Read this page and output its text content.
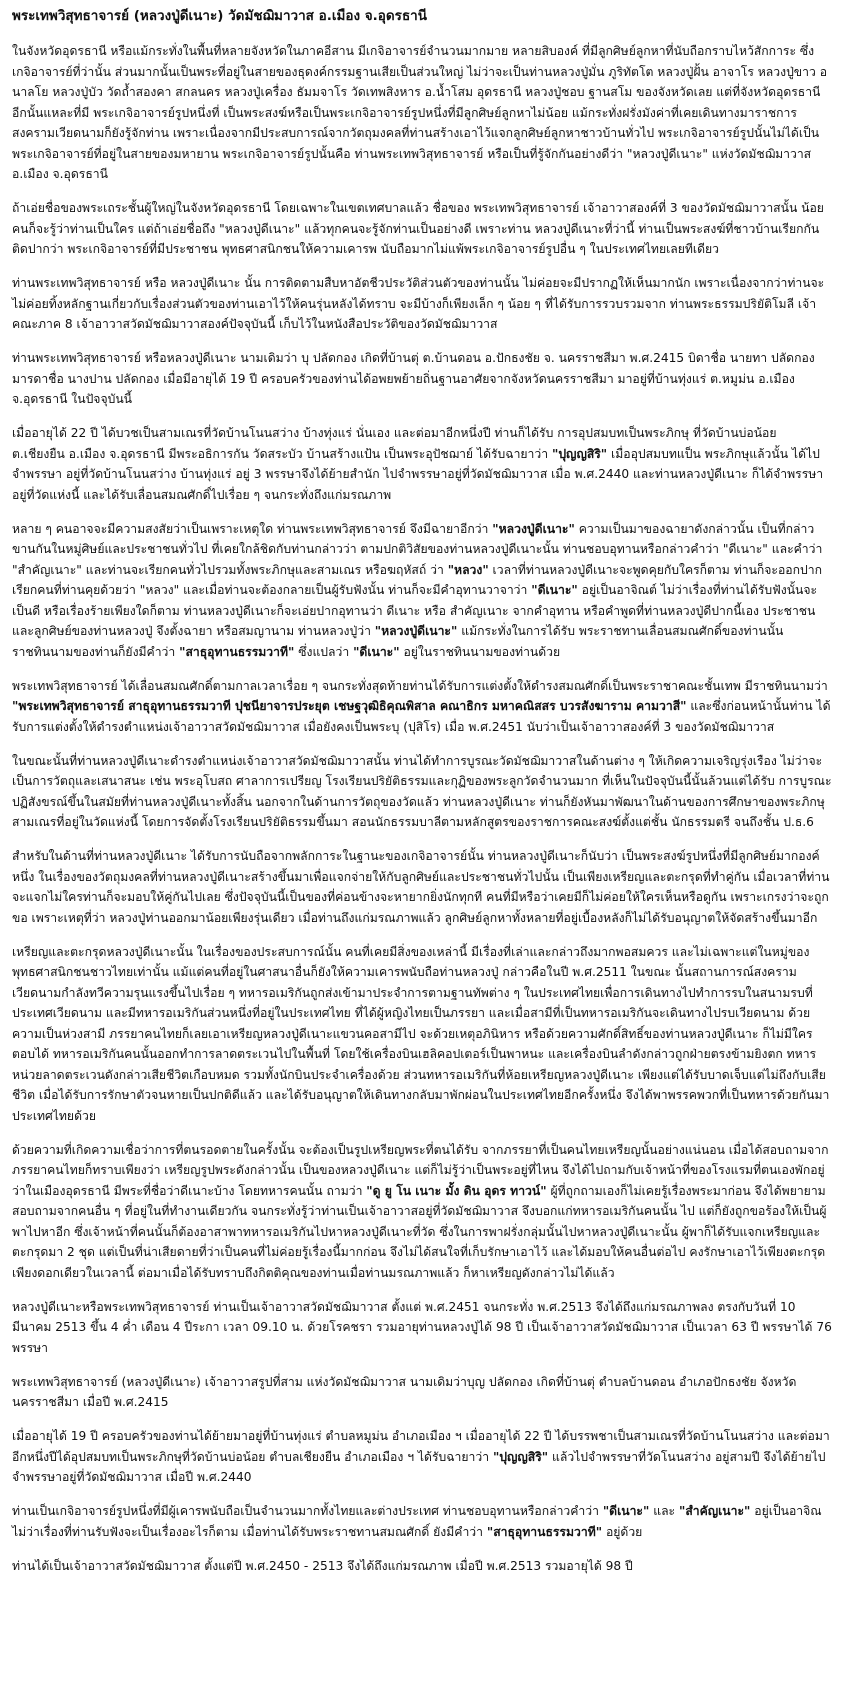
พระเทพวิสุทธาจารย์ (หลวงปู่ดีเนาะ) วัดมัชฌิมาวาส อ.เมือง จ.อุดรธานี

ในจังหวัดอุดรธานี หรือแม้กระทั่งในพื้นที่หลายจังหวัดในภาคอีสาน มีเกจิอาจารย์จำนวนมากมาย หลายสิบองค์ ที่มีลูกศิษย์ลูกหาที่นับถือกราบไหว้สักการะ ซึ่งเกจิอาจารย์ที่ว่านั้น ส่วนมากนั้นเป็นพระที่อยู่ในสายของธุดงค์กรรมฐานเสียเป็นส่วนใหญ่ ไม่ว่าจะเป็นท่านหลวงปู่มั่น ภูริทัตโต หลวงปู่ฝั้น อาจาโร หลวงปู่ขาว อนาลโย หลวงปู่บัว วัดถ้ำสองคา สกลนคร หลวงปู่เครื่อง ธัมมจาโร วัดเทพสิงหาร อ.น้ำโสม อุดรธานี หลวงปู่ชอบ ฐานสโม ของจังหวัดเลย แต่ที่จังหวัดอุดรธานีอีกนั้นแหละที่มี พระเกจิอาจารย์รูปหนึ่งที่ เป็นพระสงฆ์หรือเป็นพระเกจิอาจารย์รูปหนึ่งที่มีลูกศิษย์ลูกหาไม่น้อย แม้กระทั่งฝรั่งมังค่าที่เคยเดินทางมาราชการสงครามเวียดนามก็ยังรู้จักท่าน เพราะเนื่องจากมีประสบการณ์จากวัตถุมงคลที่ท่านสร้างเอาไว้แจกลูกศิษย์ลูกหาชาวบ้านทั่วไป พระเกจิอาจารย์รูปนั้นไม่ได้เป็นพระเกจิอาจารย์ที่อยู่ในสายของมหายาน พระเกจิอาจารย์รูปนั้นคือ ท่านพระเทพวิสุทธาจารย์ หรือเป็นที่รู้จักกันอย่างดีว่า "หลวงปู่ดีเนาะ" แห่งวัดมัชฌิมาวาส อ.เมือง จ.อุดรธานี

ถ้าเอ่ยชื่อของพระเถระชั้นผู้ใหญ่ในจังหวัดอุดรธานี โดยเฉพาะในเขตเทศบาลแล้ว ชื่อของ พระเทพวิสุทธาจารย์ เจ้าอาวาสองค์ที่ 3 ของวัดมัชฌิมาวาสนั้น น้อยคนก็จะรู้ว่าท่านเป็นใคร แต่ถ้าเอ่ยชื่อถึง "หลวงปู่ดีเนาะ" แล้วทุกคนจะรู้จักท่านเป็นอย่างดี เพราะท่าน หลวงปู่ดีเนาะที่ว่านี้ ท่านเป็นพระสงฆ์ที่ชาวบ้านเรียกกันติดปากว่า พระเกจิอาจารย์ที่มีประชาชน พุทธศาสนิกชนให้ความเคารพ นับถือมากไม่แพ้พระเกจิอาจารย์รูปอื่น ๆ ในประเทศไทยเลยทีเดียว

ท่านพระเทพวิสุทธาจารย์ หรือ หลวงปู่ดีเนาะ นั้น การติดตามสืบหาอัตชีวประวัติส่วนตัวของท่านนั้น ไม่ค่อยจะมีปรากฏให้เห็นมากนัก เพราะเนื่องจากว่าท่านจะไม่ค่อยทิ้งหลักฐานเกี่ยวกับเรื่องส่วนตัวของท่านเอาไว้ให้คนรุ่นหลังได้ทราบ จะมีบ้างก็เพียงเล็ก ๆ น้อย ๆ ที่ได้รับการรวบรวมจาก ท่านพระธรรมปริยัติโมลี เจ้าคณะภาค 8 เจ้าอาวาสวัดมัชฌิมาวาสองค์ปัจจุบันนี้ เก็บไว้ในหนังสือประวัติของวัดมัชฌิมาวาส

ท่านพระเทพวิสุทธาจารย์ หรือหลวงปู่ดีเนาะ นามเดิมว่า บุ ปลัดกอง เกิดที่บ้านตุ่ ต.บ้านดอน อ.ปักธงชัย จ. นครราชสีมา พ.ศ.2415 บิดาชื่อ นายทา ปลัดกอง มารดาชื่อ นางปาน ปลัดกอง เมื่อมีอายุได้ 19 ปี ครอบครัวของท่านได้อพยพย้ายถิ่นฐานอาศัยจากจังหวัดนครราชสีมา มาอยู่ที่บ้านทุ่งแร่ ต.หมูม่น อ.เมือง จ.อุดรธานี ในปัจจุบันนี้

เมื่ออายุได้ 22 ปี ได้บวชเป็นสามเณรที่วัดบ้านโนนสว่าง บ้างทุ่งแร่ นั่นเอง และต่อมาอีกหนึ่งปี ท่านก็ได้รับ การอุปสมบทเป็นพระภิกษุ ที่วัดบ้านบ่อน้อย ต.เชียงยืน อ.เมือง จ.อุดรธานี มีพระอธิการกัน วัดสระบัว บ้านสร้างแป้น เป็นพระอุปัชฌาย์ ได้รับฉายาว่า "ปุญญสิริ" เมื่ออุปสมบทแป็น พระภิกษุแล้วนั้น ได้ไปจำพรรษา อยู่ที่วัดบ้านโนนสว่าง บ้านทุ่งแร่ อยู่ 3 พรรษาจึงได้ย้ายสำนัก ไปจำพรรษาอยู่ที่วัดมัชฌิมาวาส เมื่อ พ.ศ.2440 และท่านหลวงปู่ดีเนาะ ก็ได้จำพรรษาอยู่ที่วัดแห่งนี้ และได้รับเลื่อนสมณศักดิ์ไปเรื่อย ๆ จนกระทั่งถึงแก่มรณภาพ

หลาย ๆ คนอาจจะมีความสงสัยว่าเป็นเพราะเหตุใด ท่านพระเทพวิสุทธาจารย์ จึงมีฉายาอีกว่า "หลวงปู่ดีเนาะ" ความเป็นมาของฉายาดังกล่าวนั้น เป็นที่กล่าวขานกันในหมู่ศิษย์และประชาชนทั่วไป ที่เคยใกล้ชิดกับท่านกล่าวว่า ตามปกติวิสัยของท่านหลวงปู่ดีเนาะนั้น ท่านชอบอุทานหรือกล่าวคำว่า "ดีเนาะ" และคำว่า "สำคัญเนาะ" และท่านจะเรียกคนทั่วไปรวมทั้งพระภิกษุและสามเณร หรือฆฤหัสถ์ ว่า "หลวง" เวลาที่ท่านหลวงปู่ดีเนาะจะพูดคุยกับใครก็ตาม ท่านก็จะออกปากเรียกคนที่ท่านคุยด้วยว่า "หลวง" และเมื่อท่านจะต้องกลายเป็นผู้รับฟังนั้น ท่านก็จะมีคำอุทานวาจาว่า "ดีเนาะ" อยู่เป็นอาจิณต์ ไม่ว่าเรื่องที่ท่านได้รับฟังนั้นจะเป็นดี หรือเรื่องร้ายเพียงใดก็ตาม ท่านหลวงปู่ดีเนาะก็จะเอ่ยปากอุทานว่า ดีเนาะ หรือ สำคัญเนาะ จากคำอุทาน หรือคำพูดที่ท่านหลวงปู่ดีปากนี้เอง ประชาชนและลูกศิษย์ของท่านหลวงปู่ จึงตั้งฉายา หรือสมญานาม ท่านหลวงปู่ว่า "หลวงปู่ดีเนาะ" แม้กระทั่งในการได้รับ พระราชทานเลื่อนสมณศักดิ์ของท่านนั้น ราชทินนามของท่านก็ยังมีคำว่า "สาธุอุทานธรรมวาที" ซึ่งแปลว่า "ดีเนาะ" อยู่ในราชทินนามของท่านด้วย

พระเทพวิสุทธาจารย์ ได้เลื่อนสมณศักดิ์ตามกาลเวลาเรื่อย ๆ จนกระทั่งสุดท้ายท่านได้รับการแต่งตั้งให้ดำรงสมณศักดิ์เป็นพระราชาคณะชั้นเทพ มีราชทินนามว่า "พระเทพวิสุทธาจารย์ สาธุอุทานธรรมวาที ปุชนียาจารประยุต เชษฐวุฒิธิคุณพิสาล คณาธิกร มหาคณิสสร บวรสังฆาราม คามวาสี" และซึ่งก่อนหน้านั้นท่าน ได้รับการแต่งตั้งให้ดำรงตำแหน่งเจ้าอาวาสวัดมัชฌิมาวาส เมื่อยังคงเป็นพระบุ (ปุสิโร) เมื่อ พ.ศ.2451 นับว่าเป็นเจ้าอาวาสองค์ที่ 3 ของวัดมัชฌิมาวาส

ในขณะนั้นที่ท่านหลวงปู่ดีเนาะดำรงตำแหน่งเจ้าอาวาสวัดมัชฌิมาวาสนั้น ท่านได้ทำการบูรณะวัดมัชฌิมาวาสในด้านต่าง ๆ ให้เกิดความเจริญรุ่งเรือง ไม่ว่าจะเป็นการวัตถุและเสนาสนะ เช่น พระอุโบสถ ศาลาการเปรียญ โรงเรียนปริยัติธรรมและกุฏิของพระลูกวัดจำนวนมาก ที่เห็นในปัจจุบันนี้นั้นล้วนแต่ได้รับ การบูรณะปฏิสังขรณ์ขึ้นในสมัยที่ท่านหลวงปู่ดีเนาะทั้งสิ้น นอกจากในด้านการวัตถุของวัดแล้ว ท่านหลวงปู่ดีเนาะ ท่านก็ยังหันมาพัฒนาในด้านของการศึกษาของพระภิกษุสามเณรที่อยู่ในวัดแห่งนี้ โดยการจัดตั้งโรงเรียนปริยัติธรรมขึ้นมา สอนนักธรรมบาลีตามหลักสูตรของราชการคณะสงฆ์ตั้งแต่ชั้น นักธรรมตรี จนถึงชั้น ป.ธ.6

สำหรับในด้านที่ท่านหลวงปู่ดีเนาะ ได้รับการนับถือจากพลักการะในฐานะของเกจิอาจารย์นั้น ท่านหลวงปู่ดีเนาะก็นับว่า เป็นพระสงฆ์รูปหนึ่งที่มีลูกศิษย์มากองค์หนึ่ง ในเรื่องของวัตถุมงคลที่ท่านหลวงปู่ดีเนาะสร้างขึ้นมาเพื่อแจกจ่ายให้กับลูกศิษย์และประชาชนทั่วไปนั้น เป็นเพียงเหรียญและตะกรุดที่ทำคู่กัน เมื่อเวลาที่ท่านจะแจกไม่ใครท่านก็จะมอบให้คู่กันไปเลย ซึ่งปัจจุบันนี้เป็นของที่ค่อนข้างจะหายากยิ่งนักทุกที คนที่มีหรือว่าเคยมีก็ไม่ค่อยให้ใครเห็นหรือดูกัน เพราะเกรงว่าจะถูกขอ เพราะเหตุที่ว่า หลวงปู่ท่านออกมาน้อยเพียงรุ่นเดียว เมื่อท่านถึงแก่มรณภาพแล้ว ลูกศิษย์ลูกหาทั้งหลายที่อยู่เบื้องหลังก็ไม่ได้รับอนุญาตให้จัดสร้างขึ้นมาอีก

เหรียญและตะกรุดหลวงปู่ดีเนาะนั้น ในเรื่องของประสบการณ์นั้น คนที่เคยมีสิ่งของเหล่านี้ มีเรื่องที่เล่าและกล่าวถึงมากพอสมควร และไม่เฉพาะแต่ในหมู่ของพุทธศาสนิกชนชาวไทยเท่านั้น แม้แต่คนที่อยู่ในศาสนาอื่นก็ยังให้ความเคารพนับถือท่านหลวงปู่ กล่าวคือในปี พ.ศ.2511 ในขณะ นั้นสถานการณ์สงครามเวียดนามกำลังทวีความรุนแรงขึ้นไปเรื่อย ๆ ทหารอเมริกันถูกส่งเข้ามาประจำการตามฐานทัพต่าง ๆ ในประเทศไทยเพื่อการเดินทางไปทำการรบในสนามรบที่ประเทศเวียดนาม และมีทหารอเมริกันส่วนหนึ่งที่อยู่ในประเทศไทย ที่ได้ผู้หญิงไทยเป็นภรรยา และเมื่อสามีที่เป็นทหารอเมริกันจะเดินทางไปรบเวียดนาม ด้วยความเป็นห่วงสามี ภรรยาคนไทยก็เลยเอาเหรียญหลวงปู่ดีเนาะแขวนคอสามีไป จะด้วยเหตุอภินิหาร หรือด้วยความศักดิ์สิทธิ์ของท่านหลวงปู่ดีเนาะ ก็ไม่มีใครตอบได้ ทหารอเมริกันคนนั้นออกทำการลาดตระเวนไปในพื้นที่ โดยใช้เครื่องบินเฮลิคอปเตอร์เป็นพาหนะ และเครื่องบินลำดังกล่าวถูกฝ่ายตรงข้ามยิงตก ทหารหน่วยลาดตระเวนดังกล่าวเสียชีวิตเกือบหมด รวมทั้งนักบินประจำเครื่องด้วย ส่วนทหารอเมริกันที่ห้อยเหรียญหลวงปู่ดีเนาะ เพียงแต่ได้รับบาดเจ็บแต่ไม่ถึงกับเสียชีวิต เมื่อได้รับการรักษาตัวจนหายเป็นปกติดีแล้ว และได้รับอนุญาตให้เดินทางกลับมาพักผ่อนในประเทศไทยอีกครั้งหนึ่ง จึงได้พาพรรคพวกที่เป็นทหารด้วยกันมาประเทศไทยด้วย

ด้วยความที่เกิดความเชื่อว่าการที่ตนรอดตายในครั้งนั้น จะต้องเป็นรูปเหรียญพระที่ตนได้รับ จากภรรยาที่เป็นคนไทยเหรียญนั้นอย่างแน่นอน เมื่อได้สอบถามจากภรรยาคนไทยก็ทราบเพียงว่า เหรียญรูปพระดังกล่าวนั้น เป็นของหลวงปู่ดีเนาะ แต่ก็ไม่รู้ว่าเป็นพระอยู่ที่ไหน จึงได้ไปถามกับเจ้าหน้าที่ของโรงแรมที่ตนเองพักอยู่ว่าในเมืองอุดรธานี มีพระที่ชื่อว่าดีเนาะบ้าง โดยทหารคนนั้น ถามว่า "ดู ยู โน เนาะ มั้ง ดิน อุดร ทาวน์" ผู้ที่ถูกถามเองก็ไม่เคยรู้เรื่องพระมาก่อน จึงได้พยายามสอบถามจากคนอื่น ๆ ที่อยู่ในที่ทำงานเดียวกัน จนกระทั่งรู้ว่าท่านเป็นเจ้าอาวาสอยู่ที่วัดมัชฌิมาวาส จึงบอกแก่ทหารอเมริกันคนนั้น ไป แต่ก็ยังถูกขอร้องให้เป็นผู้พาไปหาอีก ซึ่งเจ้าหน้าที่คนนั้นก็ต้องอาสาพาทหารอเมริกันไปหาหลวงปู่ดีเนาะที่วัด ซึ่งในการพาฝรั่งกลุ่มนั้นไปหาหลวงปู่ดีเนาะนั้น ผู้พาก็ได้รับแจกเหรียญและตะกรุดมา 2 ชุด แต่เป็นที่น่าเสียดายที่ว่าเป็นคนที่ไม่ค่อยรู้เรื่องนี้มากก่อน จึงไม่ได้สนใจที่เก็บรักษาเอาไว้ และได้มอบให้คนอื่นต่อไป คงรักษาเอาไว้เพียงตะกรุดเพียงดอกเดียวในเวลานี้ ต่อมาเมื่อได้รับทราบถึงกิตติคุณของท่านเมื่อท่านมรณภาพแล้ว ก็หาเหรียญดังกล่าวไม่ได้แล้ว

หลวงปู่ดีเนาะหรือพระเทพวิสุทธาจารย์ ท่านเป็นเจ้าอาวาสวัดมัชฌิมาวาส ตั้งแต่ พ.ศ.2451 จนกระทั่ง พ.ศ.2513 จึงได้ถึงแก่มรณภาพลง ตรงกับวันที่ 10 มีนาคม 2513 ขึ้น 4 ค่ำ เดือน 4 ปีระกา เวลา 09.10 น. ด้วยโรคชรา รวมอายุท่านหลวงปู่ได้ 98 ปี เป็นเจ้าอาวาสวัดมัชฌิมาวาส เป็นเวลา 63 ปี พรรษาได้ 76 พรรษา

พระเทพวิสุทธาจารย์ (หลวงปู่ดีเนาะ) เจ้าอาวาสรูปที่สาม แห่งวัดมัชฌิมาวาส นามเดิมว่าบุญ ปลัดกอง เกิดที่บ้านตุ่ ตำบลบ้านดอน อำเภอปักธงชัย จังหวัดนครราชสีมา เมื่อปี พ.ศ.2415

เมื่ออายุได้ 19 ปี ครอบครัวของท่านได้ย้ายมาอยู่ที่บ้านทุ่งแร่ ตำบลหมูม่น อำเภอเมือง ฯ เมื่ออายุได้ 22 ปี ได้บรรพชาเป็นสามเณรที่วัดบ้านโนนสว่าง และต่อมาอีกหนึ่งปีได้อุปสมบทเป็นพระภิกษุที่วัดบ้านบ่อน้อย ตำบลเชียงยืน อำเภอเมือง ฯ ได้รับฉายาว่า "ปุญญสิริ" แล้วไปจำพรรษาที่วัดโนนสว่าง อยู่สามปี จึงได้ย้ายไปจำพรรษาอยู่ที่วัดมัชฌิมาวาส เมื่อปี พ.ศ.2440

ท่านเป็นเกจิอาจารย์รูปหนึ่งที่มีผู้เคารพนับถือเป็นจำนวนมากทั้งไทยและต่างประเทศ ท่านชอบอุทานหรือกล่าวคำว่า "ดีเนาะ" และ "สำคัญเนาะ" อยู่เป็นอาจิณ ไม่ว่าเรื่องที่ท่านรับฟังจะเป็นเรื่องอะไรก็ตาม เมื่อท่านได้รับพระราชทานสมณศักดิ์ ยังมีคำว่า "สาธุอุทานธรรมวาที" อยู่ด้วย

ท่านได้เป็นเจ้าอาวาสวัดมัชฌิมาวาส ตั้งแต่ปี พ.ศ.2450 - 2513 จึงได้ถึงแก่มรณภาพ เมื่อปี พ.ศ.2513 รวมอายุได้ 98 ปี
